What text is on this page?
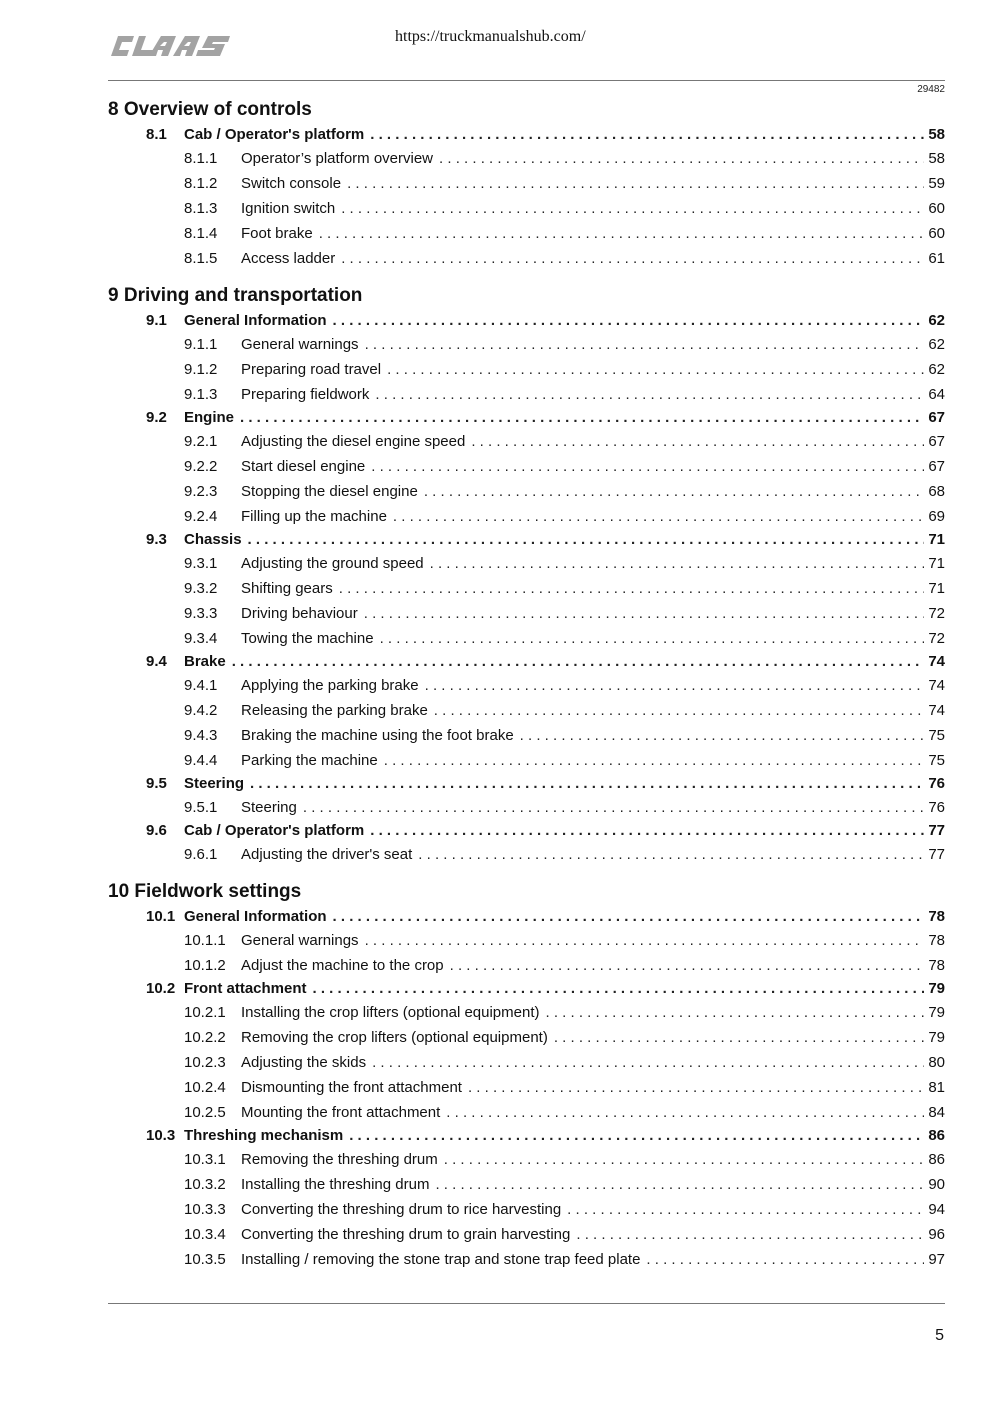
https://truckmanualshub.com/
29482
8 Overview of controls
8.1	Cab / Operator's platform . . .	58
8.1.1	Operator’s platform overview . . .	58
8.1.2	Switch console . . .	59
8.1.3	Ignition switch . . .	60
8.1.4	Foot brake . . .	60
8.1.5	Access ladder . . .	61
9 Driving and transportation
9.1	General Information . . .	62
9.1.1	General warnings . . .	62
9.1.2	Preparing road travel . . .	62
9.1.3	Preparing fieldwork . . .	64
9.2	Engine . . .	67
9.2.1	Adjusting the diesel engine speed . . .	67
9.2.2	Start diesel engine . . .	67
9.2.3	Stopping the diesel engine . . .	68
9.2.4	Filling up the machine . . .	69
9.3	Chassis . . .	71
9.3.1	Adjusting the ground speed . . .	71
9.3.2	Shifting gears . . .	71
9.3.3	Driving behaviour . . .	72
9.3.4	Towing the machine . . .	72
9.4	Brake . . .	74
9.4.1	Applying the parking brake . . .	74
9.4.2	Releasing the parking brake . . .	74
9.4.3	Braking the machine using the foot brake . . .	75
9.4.4	Parking the machine . . .	75
9.5	Steering . . .	76
9.5.1	Steering . . .	76
9.6	Cab / Operator's platform . . .	77
9.6.1	Adjusting the driver's seat . . .	77
10 Fieldwork settings
10.1 General Information . . .	78
10.1.1	General warnings . . .	78
10.1.2	Adjust the machine to the crop . . .	78
10.2 Front attachment . . .	79
10.2.1	Installing the crop lifters (optional equipment) . . .	79
10.2.2	Removing the crop lifters (optional equipment) . . .	79
10.2.3	Adjusting the skids . . .	80
10.2.4	Dismounting the front attachment . . .	81
10.2.5	Mounting the front attachment . . .	84
10.3 Threshing mechanism . . .	86
10.3.1	Removing the threshing drum . . .	86
10.3.2	Installing the threshing drum . . .	90
10.3.3	Converting the threshing drum to rice harvesting . . .	94
10.3.4	Converting the threshing drum to grain harvesting . . .	96
10.3.5	Installing / removing the stone trap and stone trap feed plate . . .	97
5
